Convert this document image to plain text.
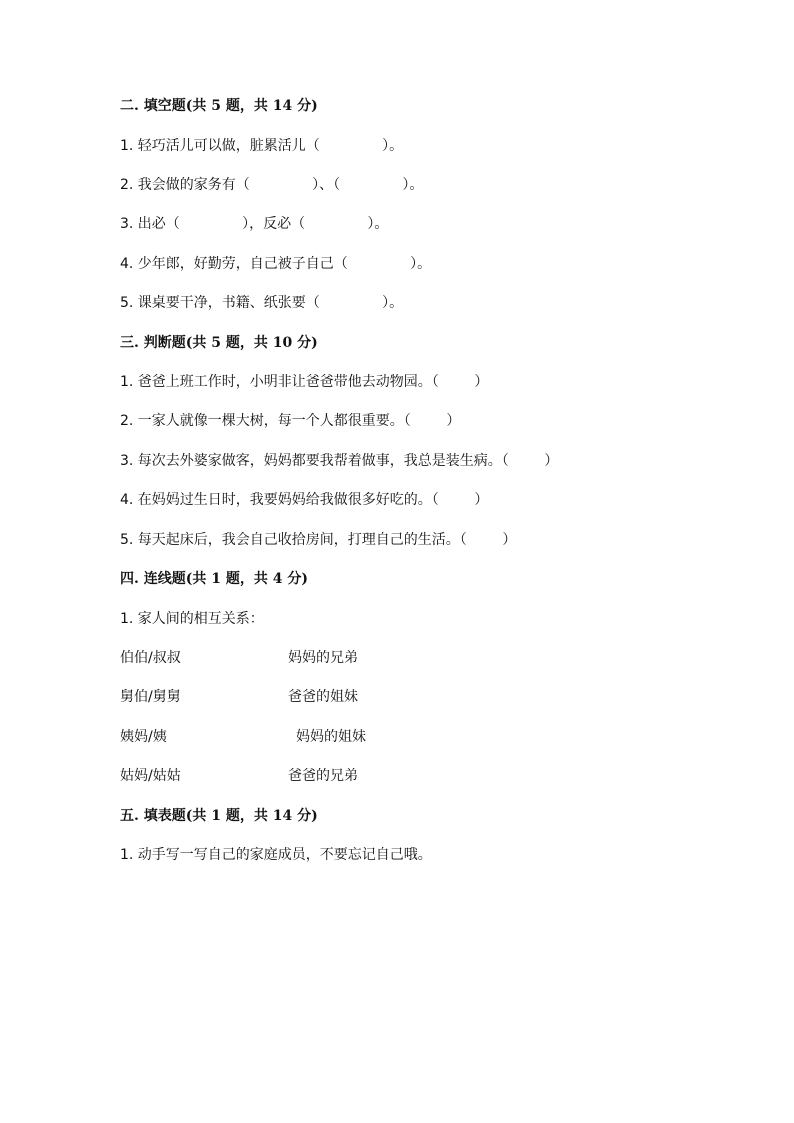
二. 填空题(共 5 题，共 14 分)
1. 轻巧活儿可以做，脏累活儿（              ）。
2. 我会做的家务有（              ）、（              ）。
3. 出必（              ），反必（              ）。
4. 少年郎，好勤劳，自己被子自己（              ）。
5. 课桌要干净，书籍、纸张要（              ）。
三. 判断题(共 5 题，共 10 分)
1. 爸爸上班工作时，小明非让爸爸带他去动物园。（        ）
2. 一家人就像一棵大树，每一个人都很重要。（        ）
3. 每次去外婆家做客，妈妈都要我帮着做事，我总是装生病。（        ）
4. 在妈妈过生日时，我要妈妈给我做很多好吃的。（        ）
5. 每天起床后，我会自己收拾房间，打理自己的生活。（        ）
四. 连线题(共 1 题，共 4 分)
1. 家人间的相互关系：
伯伯/叔叔	妈妈的兄弟
舅伯/舅舅	爸爸的姐妹
姨妈/姨	妈妈的姐妹
姑妈/姑姑	爸爸的兄弟
五. 填表题(共 1 题，共 14 分)
1. 动手写一写自己的家庭成员，不要忘记自己哦。
